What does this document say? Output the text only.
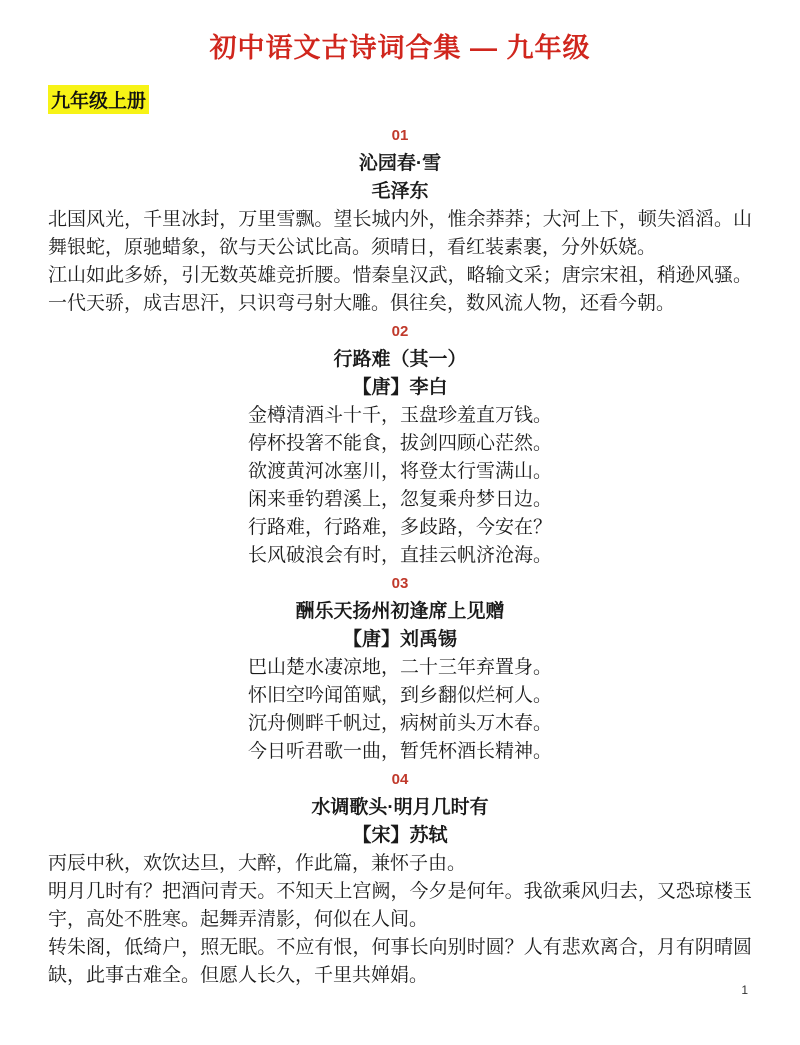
初中语文古诗词合集 — 九年级
九年级上册
01
沁园春·雪
毛泽东

北国风光，千里冰封，万里雪飘。望长城内外，惟余莽莽；大河上下，顿失滔滔。山舞银蛇，原驰蜡象，欲与天公试比高。须晴日，看红装素裹，分外妖娆。

江山如此多娇，引无数英雄竞折腰。惜秦皇汉武，略输文采；唐宗宋祖，稍逊风骚。一代天骄，成吉思汗，只识弯弓射大雕。俱往矣，数风流人物，还看今朝。

02
行路难（其一）
【唐】李白
金樽清酒斗十千，玉盘珍羞直万钱。
停杯投箸不能食，拔剑四顾心茫然。
欲渡黄河冰塞川，将登太行雪满山。
闲来垂钓碧溪上，忽复乘舟梦日边。
行路难，行路难，多歧路，今安在？
长风破浪会有时，直挂云帆济沧海。
03
酬乐天扬州初逢席上见赠
【唐】刘禹锡
巴山楚水凄凉地，二十三年弃置身。
怀旧空吟闻笛赋，到乡翻似烂柯人。
沉舟侧畔千帆过，病树前头万木春。
今日听君歌一曲，暂凭杯酒长精神。
04
水调歌头·明月几时有
【宋】苏轼

丙辰中秋，欢饮达旦，大醉，作此篇，兼怀子由。

明月几时有？把酒问青天。不知天上宫阙，今夕是何年。我欲乘风归去，又恐琼楼玉宇，高处不胜寒。起舞弄清影，何似在人间。

转朱阁，低绮户，照无眠。不应有恨，何事长向别时圆？人有悲欢离合，月有阴晴圆缺，此事古难全。但愿人长久，千里共婵娟。

1
